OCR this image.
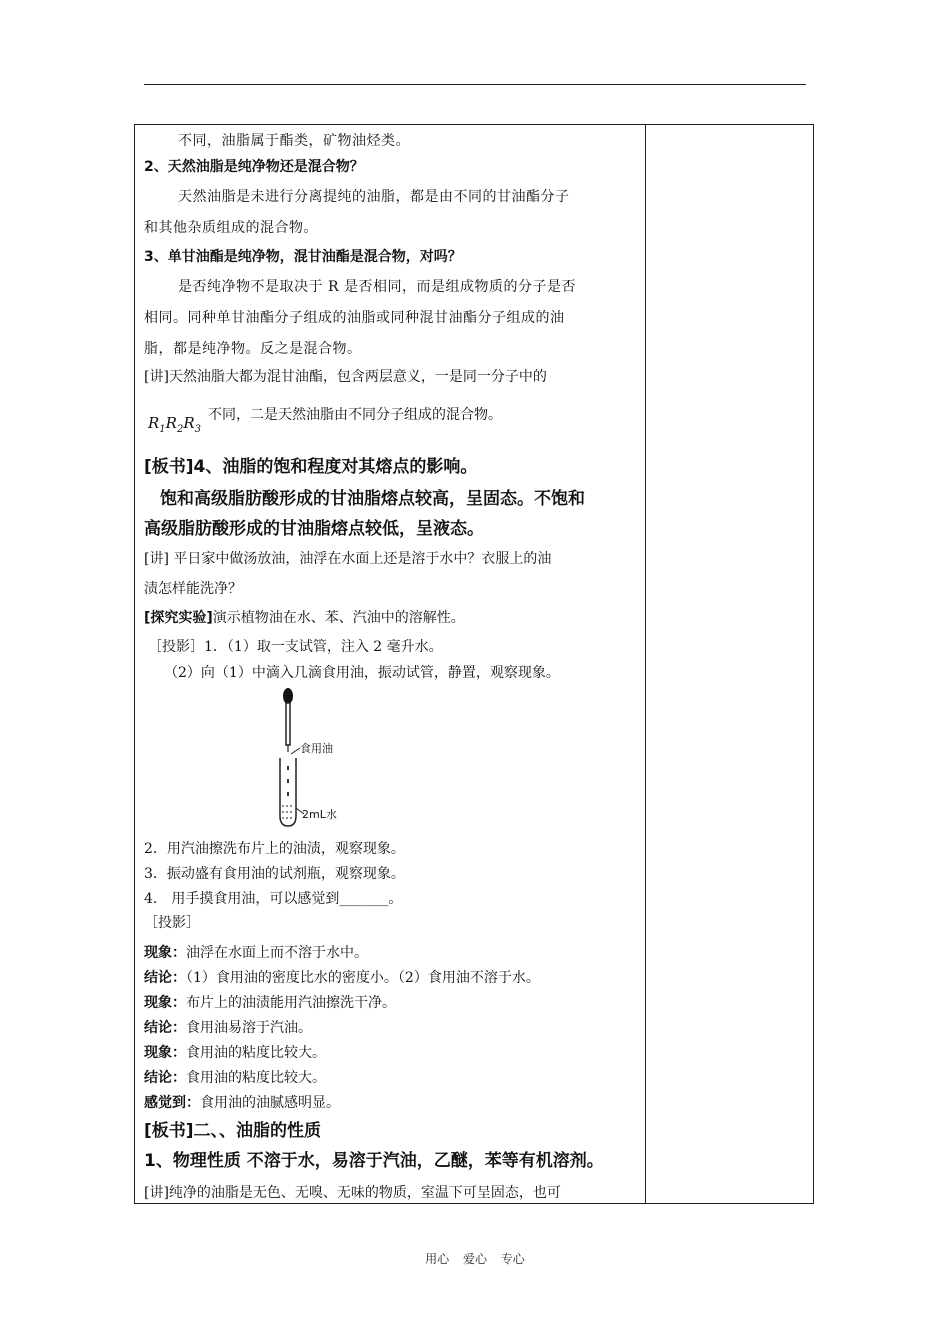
不同，油脂属于酯类，矿物油烃类。
2、天然油脂是纯净物还是混合物？
天然油脂是未进行分离提纯的油脂，都是由不同的甘油酯分子
和其他杂质组成的混合物。
3、单甘油酯是纯净物，混甘油酯是混合物，对吗？
是否纯净物不是取决于 R 是否相同，而是组成物质的分子是否
相同。同种单甘油酯分子组成的油脂或同种混甘油酯分子组成的油
脂，都是纯净物。反之是混合物。
[讲]天然油脂大都为混甘油酯，包含两层意义，一是同一分子中的
$R_1R_2R_3$
不同，二是天然油脂由不同分子组成的混合物。
[板书]4、油脂的饱和程度对其熔点的影响。
饱和高级脂肪酸形成的甘油脂熔点较高，呈固态。不饱和
高级脂肪酸形成的甘油脂熔点较低，呈液态。
[讲] 平日家中做汤放油，油浮在水面上还是溶于水中？衣服上的油
渍怎样能洗净？
[探究实验]演示植物油在水、苯、汽油中的溶解性。
［投影］1．（1）取一支试管，注入 2 毫升水。
（2）向（1）中滴入几滴食用油，振动试管，静置，观察现象。
食用油
2mL水
2．用汽油擦洗布片上的油渍，观察现象。
3．振动盛有食用油的试剂瓶，观察现象。
4． 用手摸食用油，可以感觉到_______。
［投影］
现象：油浮在水面上而不溶于水中。
结论：（1）食用油的密度比水的密度小。（2）食用油不溶于水。
现象：布片上的油渍能用汽油擦洗干净。
结论：食用油易溶于汽油。
现象：食用油的粘度比较大。
结论：食用油的粘度比较大。
感觉到：食用油的油腻感明显。
[板书]二、、油脂的性质
1、物理性质 不溶于水，易溶于汽油，乙醚，苯等有机溶剂。
[讲]纯净的油脂是无色、无嗅、无味的物质，室温下可呈固态，也可
用心 爱心 专心
